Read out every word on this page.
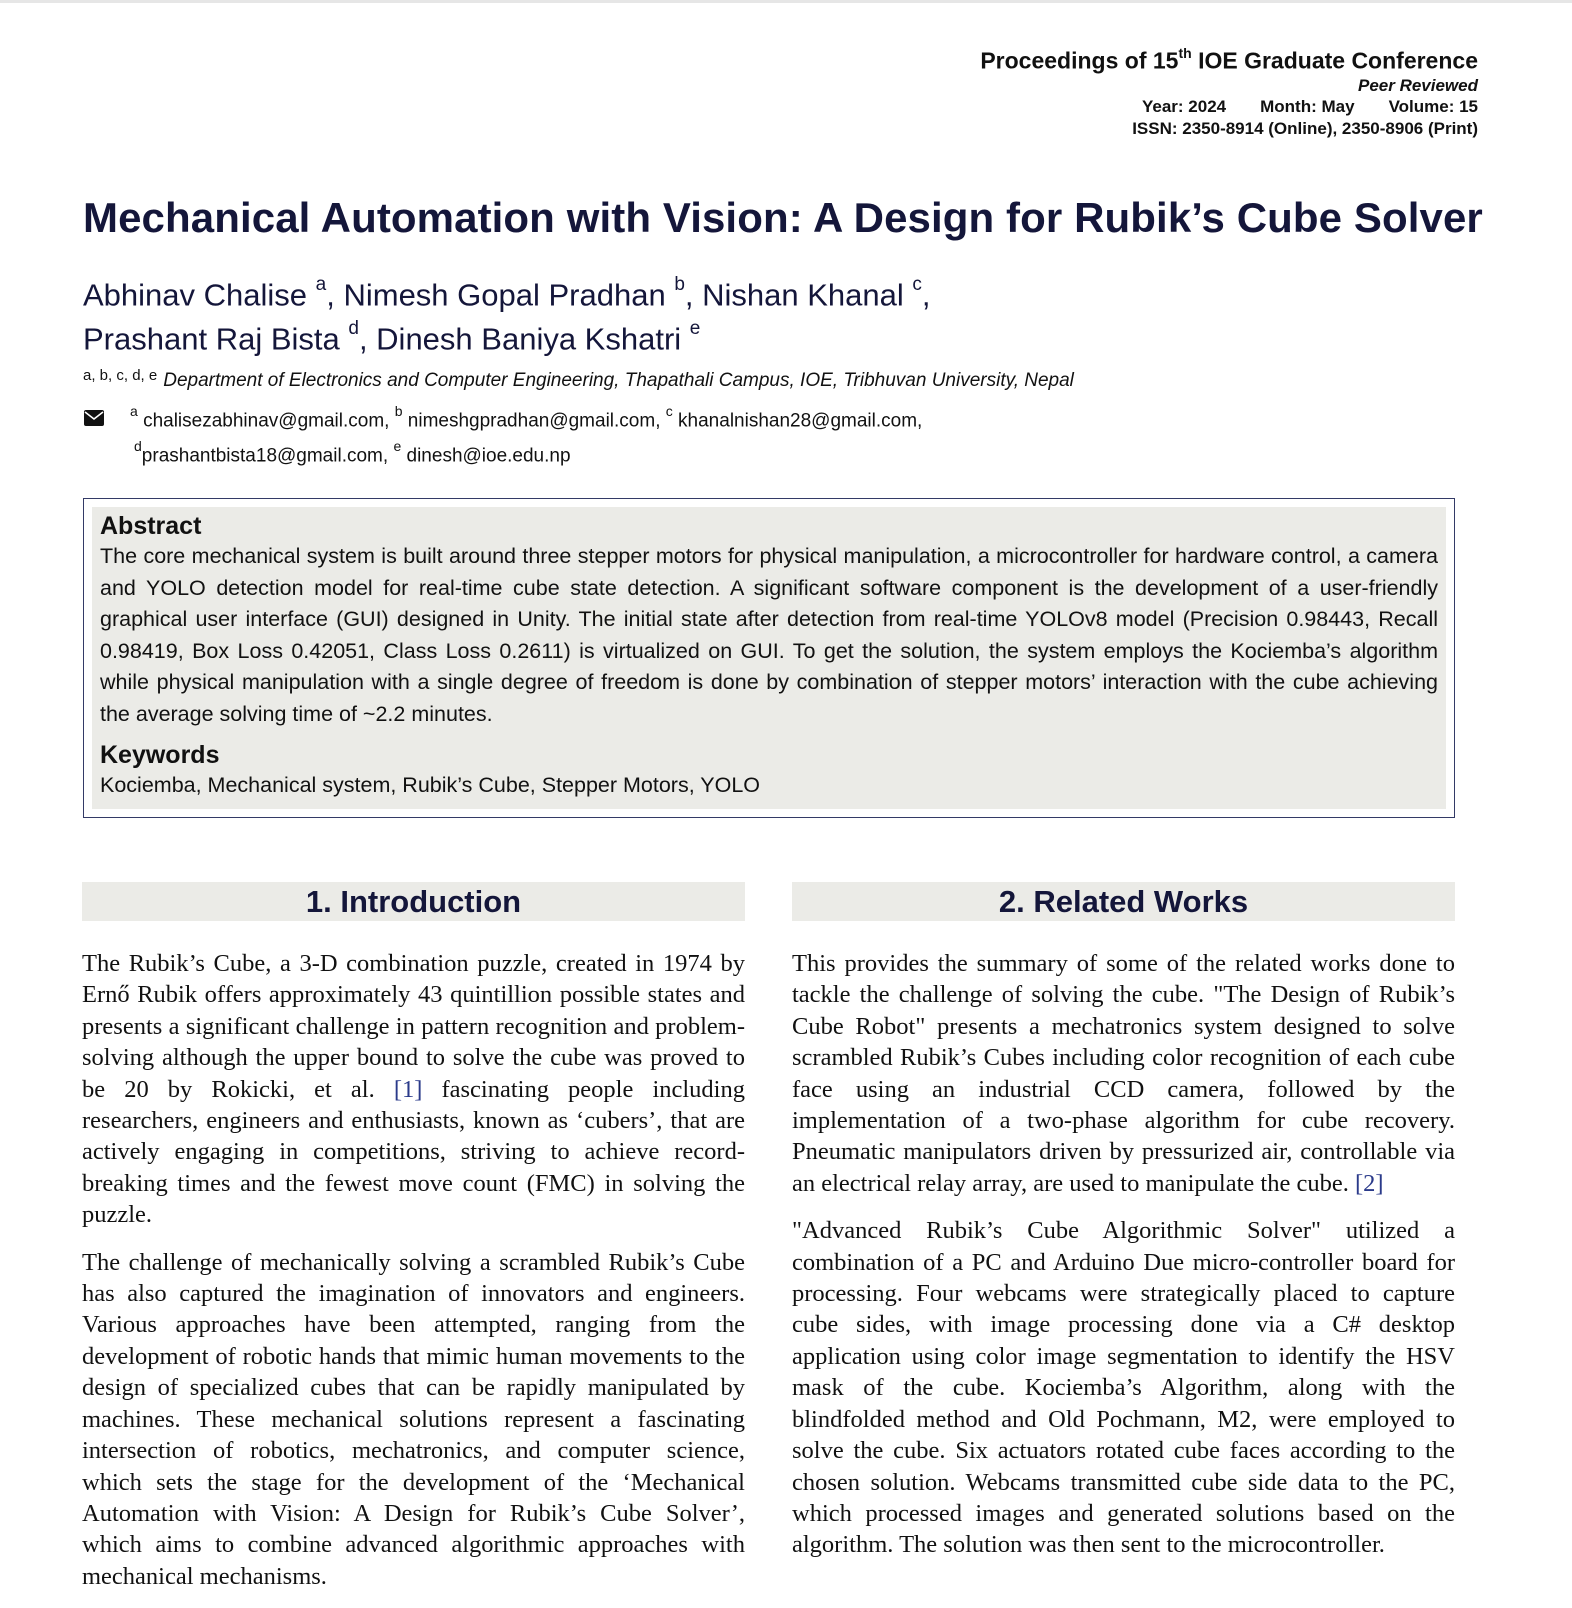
Proceedings of 15th IOE Graduate Conference
Peer Reviewed
Year: 2024 Month: May Volume: 15
ISSN: 2350-8914 (Online), 2350-8906 (Print)
Mechanical Automation with Vision: A Design for Rubik’s Cube Solver
Abhinav Chalise $^a$, Nimesh Gopal Pradhan $^b$, Nishan Khanal $^c$,
Prashant Raj Bista $^d$, Dinesh Baniya Kshatri $^e$
$^{a, b, c, d, e}$ Department of Electronics and Computer Engineering, Thapathali Campus, IOE, Tribhuvan University, Nepal
$^a$ chalisezabhinav@gmail.com, $^b$ nimeshgpradhan@gmail.com, $^c$ khanalnishan28@gmail.com,
$^d$prashantbista18@gmail.com, $^e$ dinesh@ioe.edu.np
Abstract

The core mechanical system is built around three stepper motors for physical manipulation, a microcontroller for hardware control, a camera and YOLO detection model for real-time cube state detection. A significant software component is the development of a user-friendly graphical user interface (GUI) designed in Unity. The initial state after detection from real-time YOLOv8 model (Precision 0.98443, Recall 0.98419, Box Loss 0.42051, Class Loss 0.2611) is virtualized on GUI. To get the solution, the system employs the Kociemba’s algorithm while physical manipulation with a single degree of freedom is done by combination of stepper motors’ interaction with the cube achieving the average solving time of ~2.2 minutes.

Keywords
Kociemba, Mechanical system, Rubik’s Cube, Stepper Motors, YOLO
1. Introduction

The Rubik’s Cube, a 3-D combination puzzle, created in 1974 by Ernő Rubik offers approximately 43 quintillion possible states and presents a significant challenge in pattern recognition and problem-solving although the upper bound to solve the cube was proved to be 20 by Rokicki, et al. [1] fascinating people including researchers, engineers and enthusiasts, known as ‘cubers’, that are actively engaging in competitions, striving to achieve record-breaking times and the fewest move count (FMC) in solving the puzzle.

The challenge of mechanically solving a scrambled Rubik’s Cube has also captured the imagination of innovators and engineers. Various approaches have been attempted, ranging from the development of robotic hands that mimic human movements to the design of specialized cubes that can be rapidly manipulated by machines. These mechanical solutions represent a fascinating intersection of robotics, mechatronics, and computer science, which sets the stage for the development of the ‘Mechanical Automation with Vision: A Design for Rubik’s Cube Solver’, which aims to combine advanced algorithmic approaches with mechanical mechanisms.

2. Related Works

This provides the summary of some of the related works done to tackle the challenge of solving the cube. "The Design of Rubik’s Cube Robot" presents a mechatronics system designed to solve scrambled Rubik’s Cubes including color recognition of each cube face using an industrial CCD camera, followed by the implementation of a two-phase algorithm for cube recovery. Pneumatic manipulators driven by pressurized air, controllable via an electrical relay array, are used to manipulate the cube. [2]

"Advanced Rubik’s Cube Algorithmic Solver" utilized a combination of a PC and Arduino Due micro-controller board for processing. Four webcams were strategically placed to capture cube sides, with image processing done via a C# desktop application using color image segmentation to identify the HSV mask of the cube. Kociemba’s Algorithm, along with the blindfolded method and Old Pochmann, M2, were employed to solve the cube. Six actuators rotated cube faces according to the chosen solution. Webcams transmitted cube side data to the PC, which processed images and generated solutions based on the algorithm. The solution was then sent to the microcontroller.
